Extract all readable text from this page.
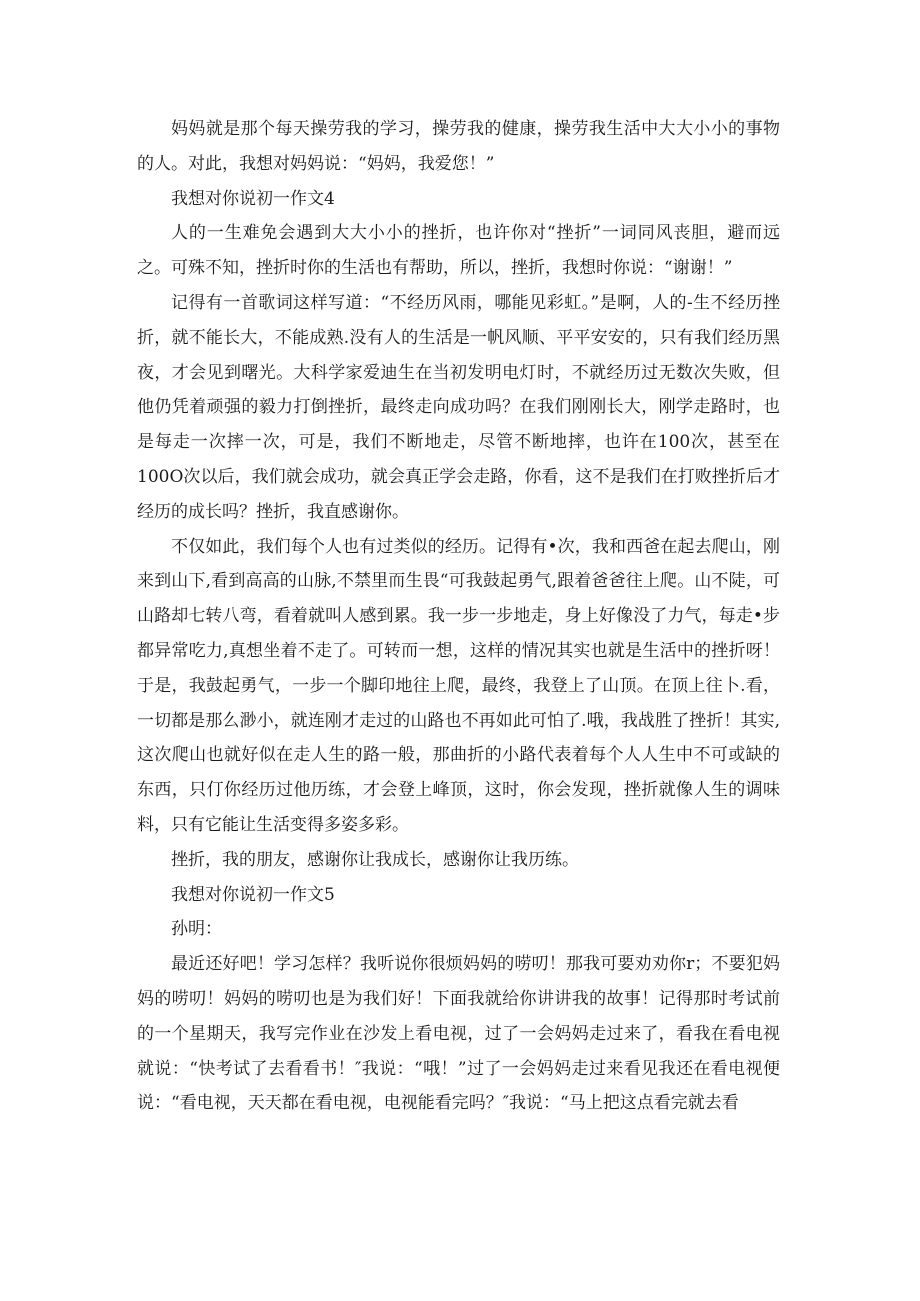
妈妈就是那个每天操劳我的学习，操劳我的健康，操劳我生活中大大小小的事物的人。对此，我想对妈妈说：“妈妈，我爱您！”

我想对你说初一作文4

人的一生难免会遇到大大小小的挫折，也许你对“挫折”一词同风丧胆，避而远之。可殊不知，挫折时你的生活也有帮助，所以，挫折，我想时你说：“谢谢！”

记得有一首歌词这样写道：“不经历风雨，哪能见彩虹。”是啊，人的-生不经历挫折，就不能长大，不能成熟.没有人的生活是一帆风顺、平平安安的，只有我们经历黑夜，才会见到曙光。大科学家爱迪生在当初发明电灯时，不就经历过无数次失败，但他仍凭着顽强的毅力打倒挫折，最终走向成功吗？在我们刚刚长大，刚学走路时，也是每走一次摔一次，可是，我们不断地走，尽管不断地摔，也许在100次，甚至在100O次以后，我们就会成功，就会真正学会走路，你看，这不是我们在打败挫折后才经历的成长吗？挫折，我直感谢你。

不仅如此，我们每个人也有过类似的经历。记得有•次，我和西爸在起去爬山，刚来到山下,看到高高的山脉,不禁里而生畏“可我鼓起勇气,跟着爸爸往上爬。山不陡，可山路却七转八弯，看着就叫人感到累。我一步一步地走，身上好像没了力气，每走•步都异常吃力,真想坐着不走了。可转而一想，这样的情况其实也就是生活中的挫折呀！于是，我鼓起勇气，一步一个脚印地往上爬，最终，我登上了山顶。在顶上往卜.看，一切都是那么渺小，就连刚才走过的山路也不再如此可怕了.哦，我战胜了挫折！其实,这次爬山也就好似在走人生的路一般，那曲折的小路代表着每个人人生中不可或缺的东西，只仃你经历过他历练，才会登上峰顶，这时，你会发现，挫折就像人生的调味料，只有它能让生活变得多姿多彩。

挫折，我的朋友，感谢你让我成长，感谢你让我历练。

我想对你说初一作文5

孙明：

最近还好吧！学习怎样？我听说你很烦妈妈的唠叨！那我可要劝劝你r；不要犯妈妈的唠叨！妈妈的唠叨也是为我们好！下面我就给你讲讲我的故事！记得那时考试前的一个星期天，我写完作业在沙发上看电视，过了一会妈妈走过来了，看我在看电视就说：“快考试了去看看书！″我说：“哦！”过了一会妈妈走过来看见我还在看电视便说：“看电视，天天都在看电视，电视能看完吗？″我说：“马上把这点看完就去看
